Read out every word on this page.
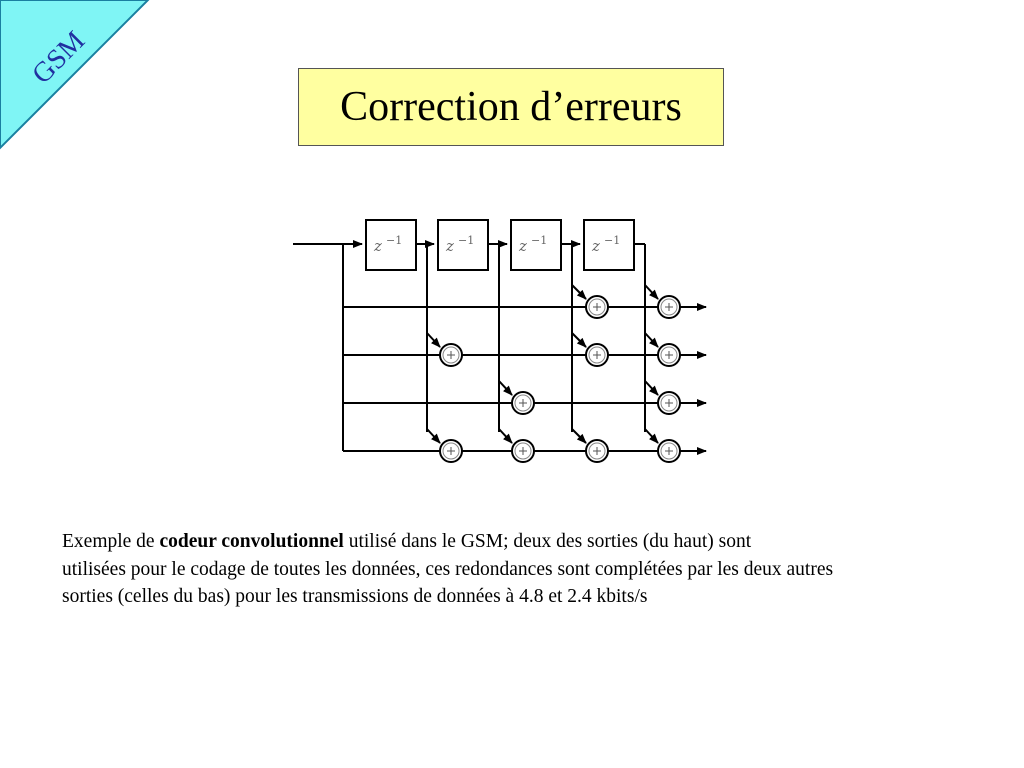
GSM
Correction d’erreurs
z −1	z −1	z −1	z −1
Exemple de codeur convolutionnel utilisé dans le GSM; deux des sorties (du haut) sont
utilisées pour le codage de toutes les données, ces redondances sont complétées par les deux autres
sorties (celles du bas) pour les transmissions de données à 4.8 et 2.4 kbits/s
